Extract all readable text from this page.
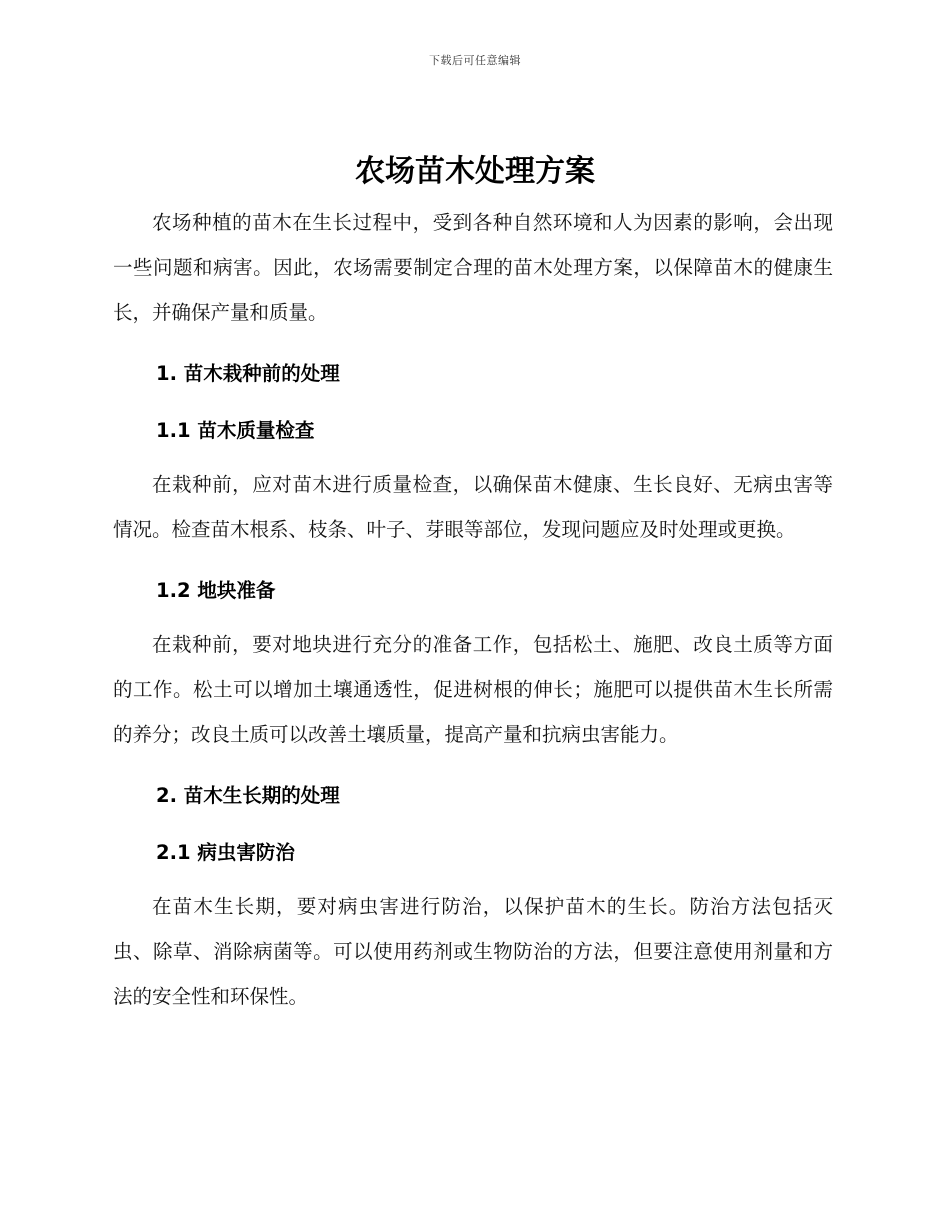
下载后可任意编辑
农场苗木处理方案

农场种植的苗木在生长过程中，受到各种自然环境和人为因素的影响，会出现一些问题和病害。因此，农场需要制定合理的苗木处理方案，以保障苗木的健康生长，并确保产量和质量。

1. 苗木栽种前的处理
1.1 苗木质量检查

在栽种前，应对苗木进行质量检查，以确保苗木健康、生长良好、无病虫害等情况。检查苗木根系、枝条、叶子、芽眼等部位，发现问题应及时处理或更换。

1.2 地块准备

在栽种前，要对地块进行充分的准备工作，包括松土、施肥、改良土质等方面的工作。松土可以增加土壤通透性，促进树根的伸长；施肥可以提供苗木生长所需的养分；改良土质可以改善土壤质量，提高产量和抗病虫害能力。

2. 苗木生长期的处理
2.1 病虫害防治

在苗木生长期，要对病虫害进行防治，以保护苗木的生长。防治方法包括灭虫、除草、消除病菌等。可以使用药剂或生物防治的方法，但要注意使用剂量和方法的安全性和环保性。
